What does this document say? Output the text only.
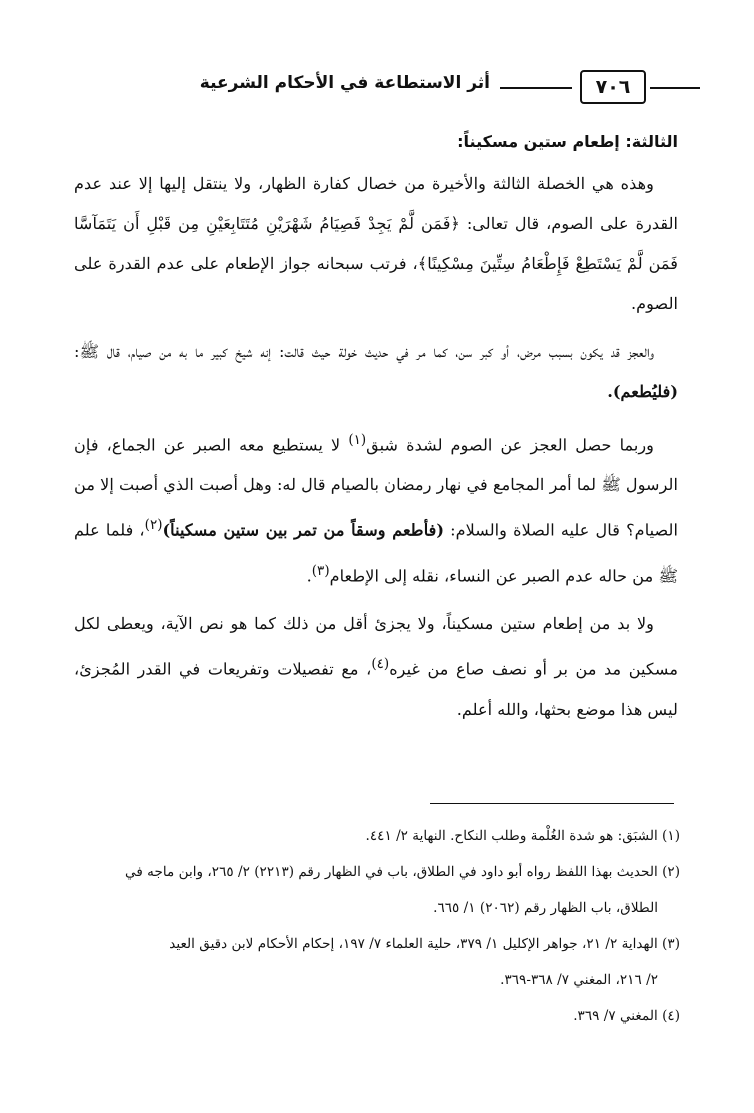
٧٠٦
أثر الاستطاعة في الأحكام الشرعية

الثالثة: إطعام ستين مسكيناً:

وهذه هي الخصلة الثالثة والأخيرة من خصال كفارة الظهار، ولا ينتقل إليها إلا عند عدم القدرة على الصوم، قال تعالى: ﴿فَمَن لَّمْ يَجِدْ فَصِيَامُ شَهْرَيْنِ مُتَتَابِعَيْنِ مِن قَبْلِ أَن يَتَمَآسَّا فَمَن لَّمْ يَسْتَطِعْ فَإِطْعَامُ سِتِّينَ مِسْكِينًا﴾، فرتب سبحانه جواز الإطعام على عدم القدرة على الصوم.

والعجز قد يكون بسبب مرض، أو كبر سن، كما مر في حديث خولة حيث قالت: إنه شيخ كبير ما به من صيام، قال ﷺ: (فليُطعم).

وربما حصل العجز عن الصوم لشدة شبق$^{(١)}$ لا يستطيع معه الصبر عن الجماع، فإن الرسول ﷺ لما أمر المجامع في نهار رمضان بالصيام قال له: وهل أصبت الذي أصبت إلا من الصيام؟ قال عليه الصلاة والسلام: (فأطعم وسقاً من تمر بين ستين مسكيناً)$^{(٢)}$، فلما علم ﷺ من حاله عدم الصبر عن النساء، نقله إلى الإطعام$^{(٣)}$.

ولا بد من إطعام ستين مسكيناً، ولا يجزئ أقل من ذلك كما هو نص الآية، ويعطى لكل مسكين مد من بر أو نصف صاع من غيره$^{(٤)}$، مع تفصيلات وتفريعات في القدر المُجزئ، ليس هذا موضع بحثها، والله أعلم.

(١) الشبَق: هو شدة الغُلْمة وطلب النكاح. النهاية ٢/ ٤٤١.

(٢) الحديث بهذا اللفظ رواه أبو داود في الطلاق، باب في الظهار رقم (٢٢١٣) ٢/ ٢٦٥، وابن ماجه في

الطلاق، باب الظهار رقم (٢٠٦٢) ١/ ٦٦٥.

(٣) الهداية ٢/ ٢١، جواهر الإكليل ١/ ٣٧٩، حلية العلماء ٧/ ١٩٧، إحكام الأحكام لابن دقيق العيد

٢/ ٢١٦، المغني ٧/ ٣٦٨-٣٦٩.

(٤) المغني ٧/ ٣٦٩.
